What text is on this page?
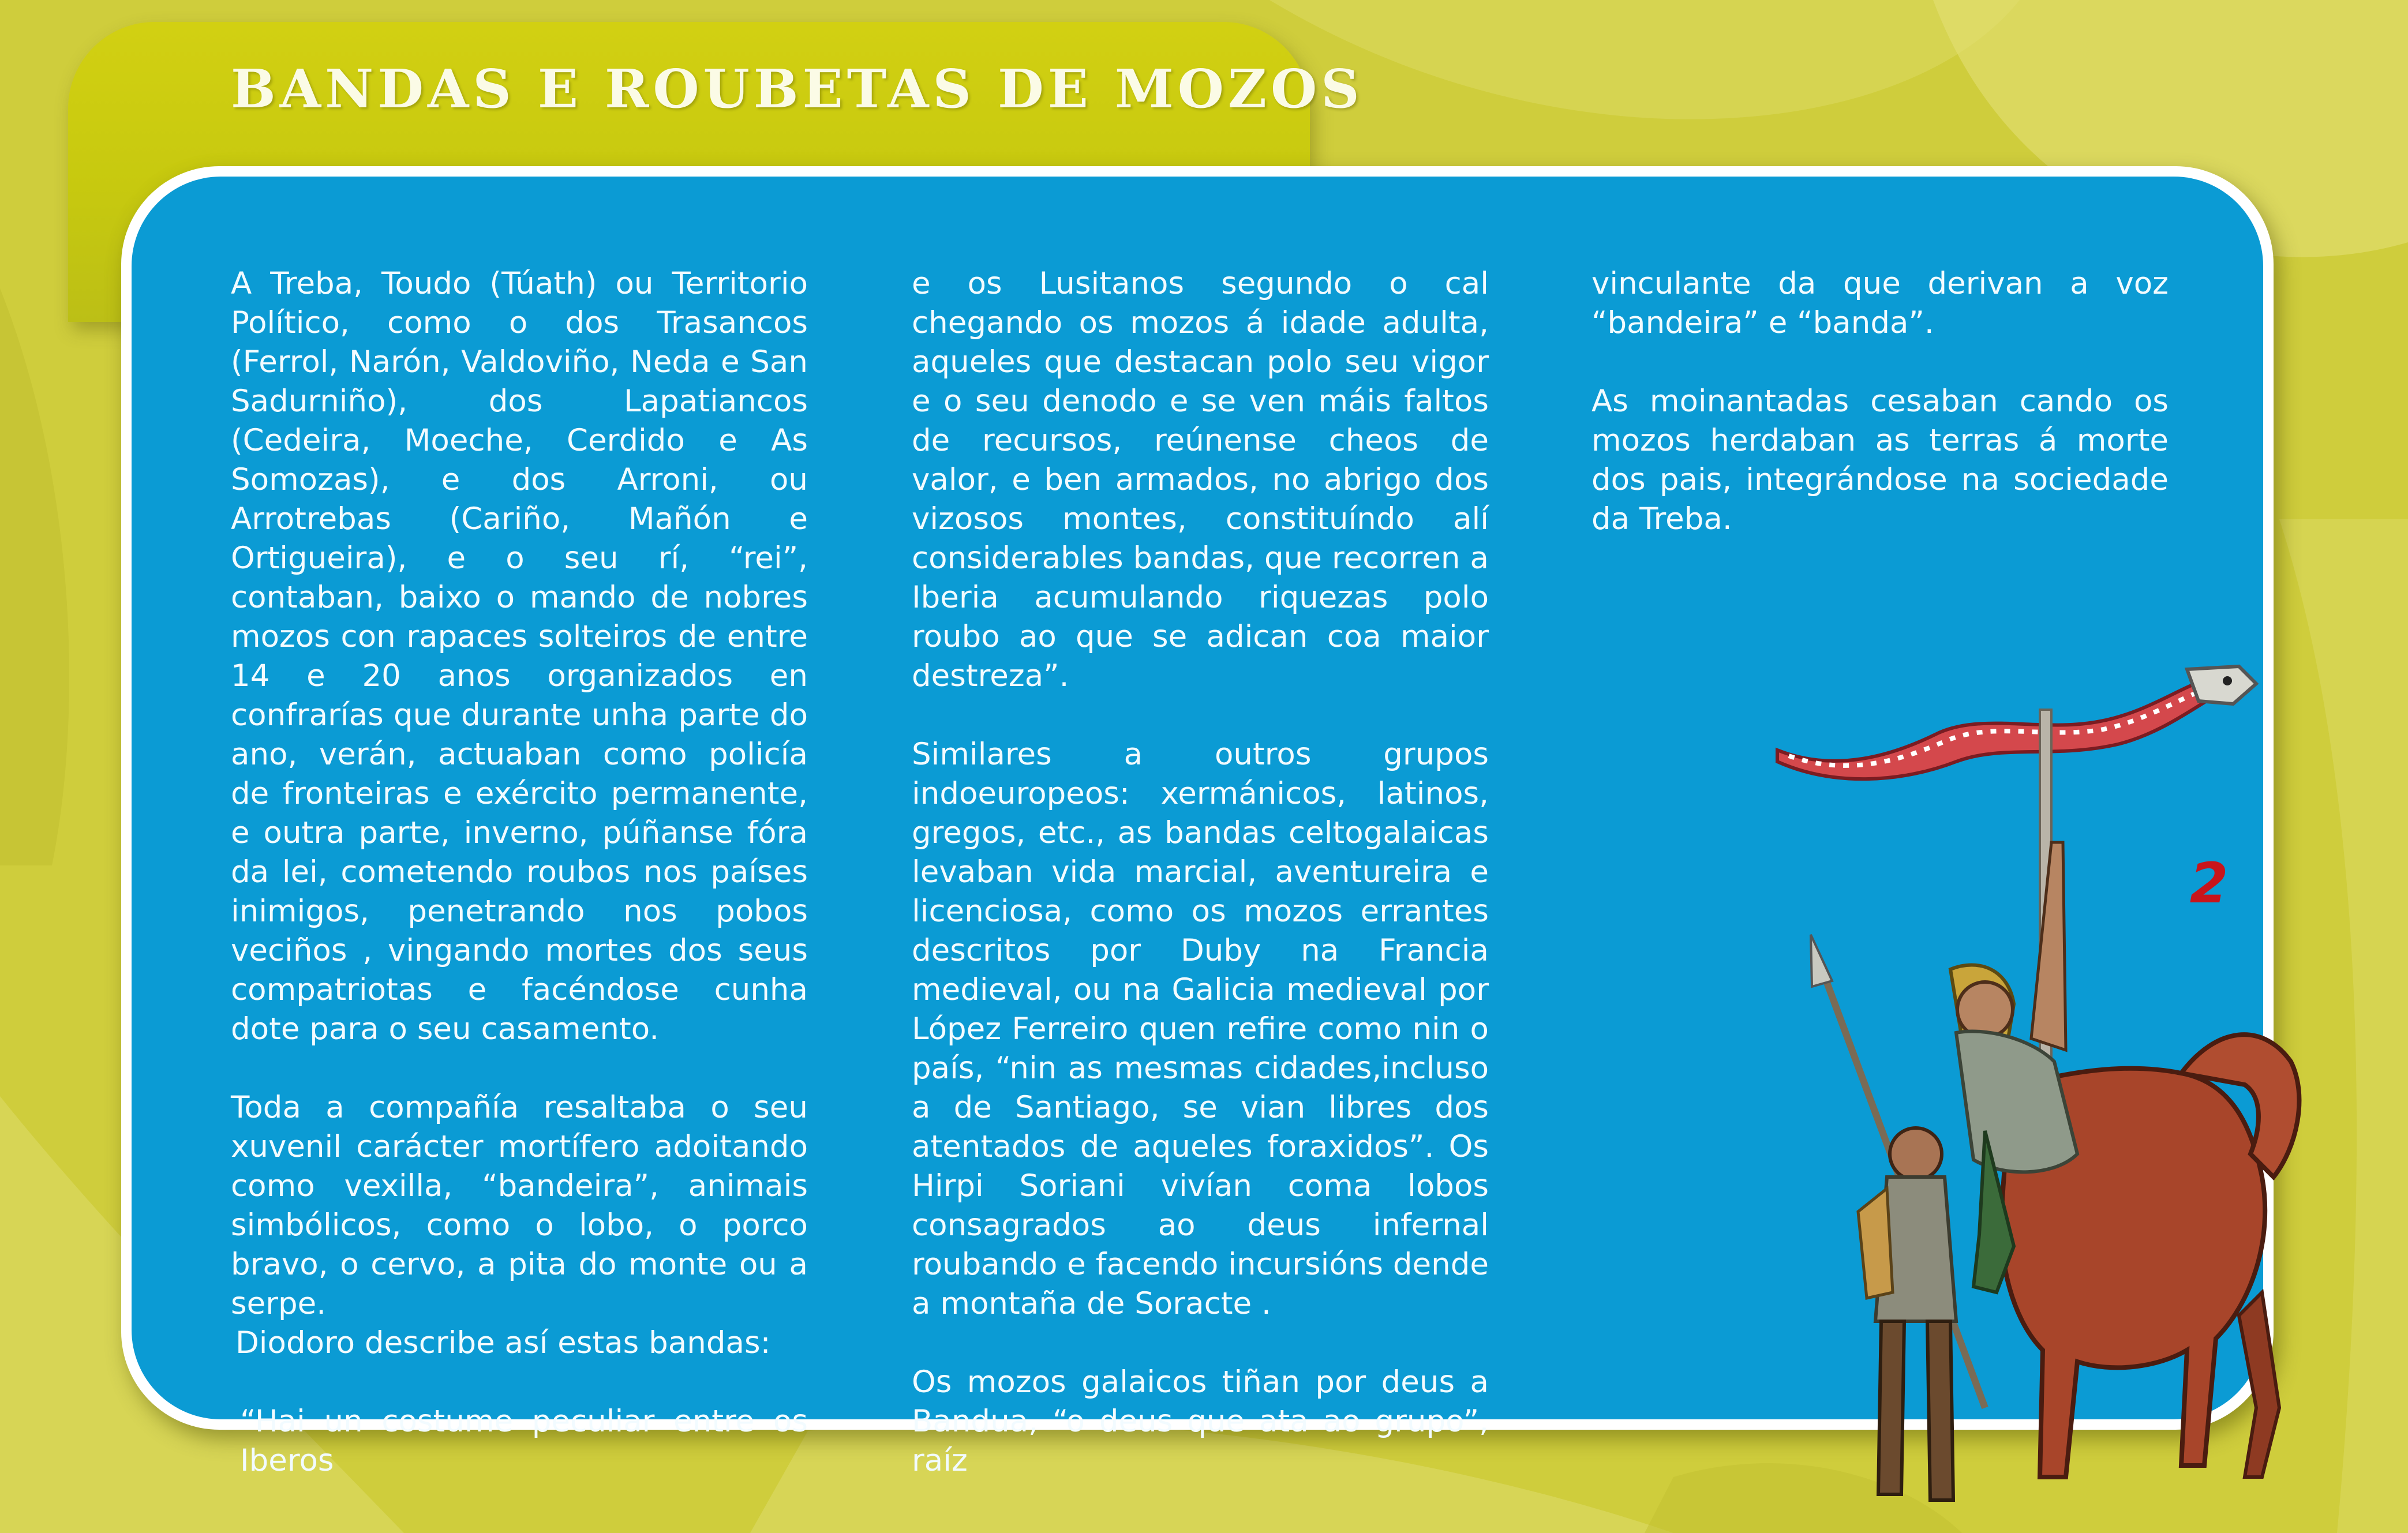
BANDAS E ROUBETAS DE MOZOS

A Treba, Toudo (Túath) ou Territorio Político, como o dos Trasancos (Ferrol, Narón, Valdoviño, Neda e San Sadurniño), dos Lapatiancos (Cedeira, Moeche, Cerdido e As Somozas), e dos Arroni, ou Arrotrebas (Cariño, Mañón e Ortigueira), e o seu rí, “rei”, contaban, baixo o mando de nobres mozos con rapaces solteiros de entre 14 e 20 anos organizados en confrarías que durante unha parte do ano, verán, actuaban como policía de fronteiras e exército permanente, e outra parte, inverno, púñanse fóra da lei, cometendo roubos nos países inimigos, penetrando nos pobos veciños , vingando mortes dos seus compatriotas e facéndose cunha dote para o seu casamento.

Toda a compañía resaltaba o seu xuvenil carácter mortífero adoitando como vexilla, “bandeira”, animais simbólicos, como o lobo, o porco bravo, o cervo, a pita do monte ou a serpe.

Diodoro describe así estas bandas:

“Hai un costume peculiar entre os Iberos

e os Lusitanos segundo o cal chegando os mozos á idade adulta, aqueles que destacan polo seu vigor e o seu denodo e se ven máis faltos de recursos, reúnense cheos de valor, e ben armados, no abrigo dos vizosos montes, constituíndo alí considerables bandas, que recorren a Iberia acumulando riquezas polo roubo ao que se adican coa maior destreza”.

Similares a outros grupos indoeuropeos: xermánicos, latinos, gregos, etc., as bandas celtogalaicas levaban vida marcial, aventureira e licenciosa, como os mozos errantes descritos por Duby na Francia medieval, ou na Galicia medieval por López Ferreiro quen refire como nin o país, “nin as mesmas cidades,incluso a de Santiago, se vian libres dos atentados de aqueles foraxidos”. Os Hirpi Soriani vivían coma lobos consagrados ao deus infernal roubando e facendo incursións dende a montaña de Soracte .

Os mozos galaicos tiñan por deus a Bandua, “o deus que ata ao grupo”, raíz

vinculante da que derivan a voz “bandeira” e “banda”.

As moinantadas cesaban cando os mozos herdaban as terras á morte dos pais, integrándose na sociedade da Treba.

2
